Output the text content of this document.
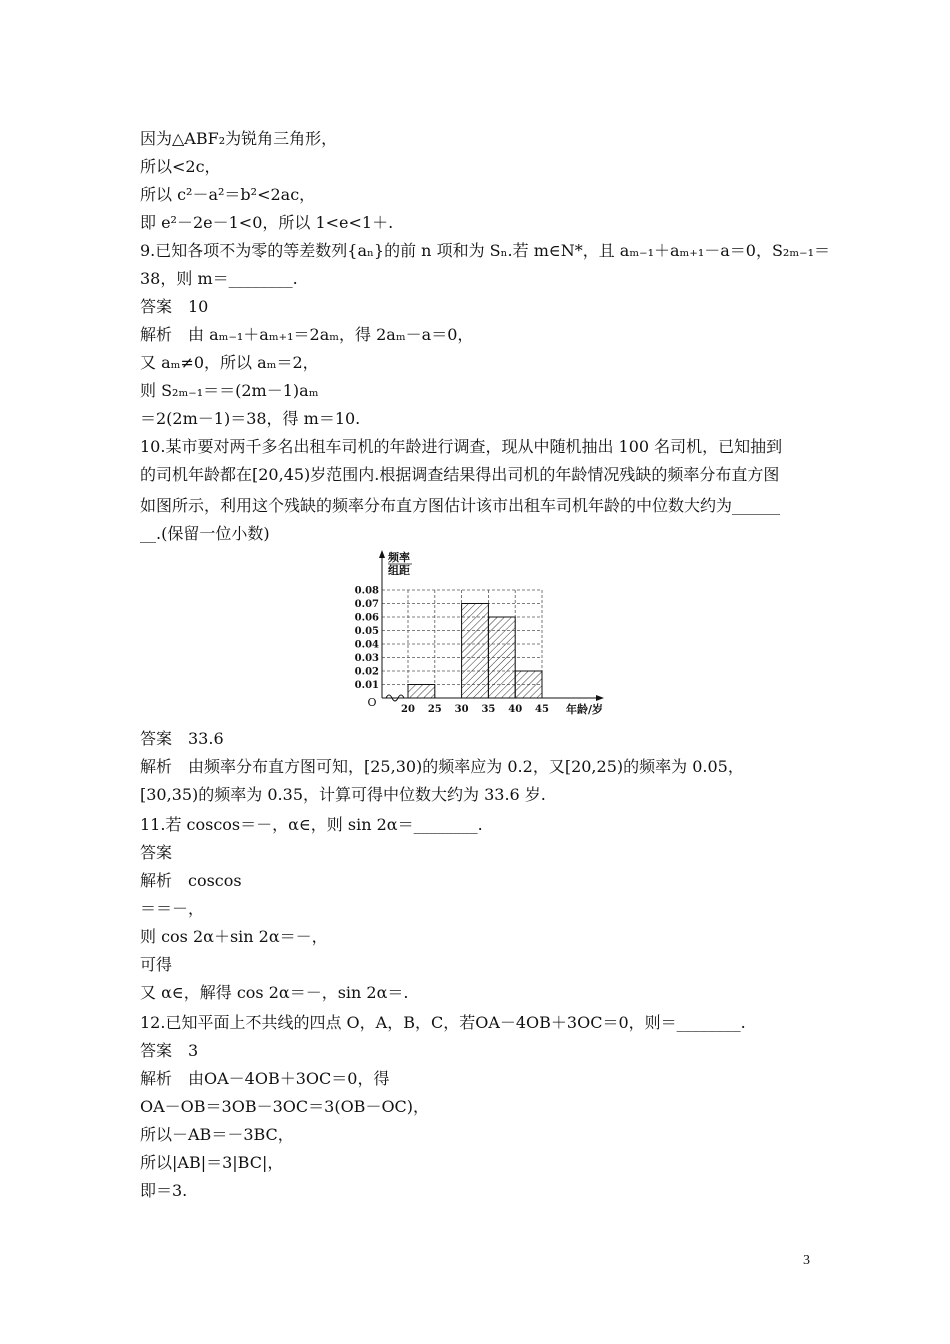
因为△ABF₂为锐角三角形，
所以<2c，
所以 c²－a²＝b²<2ac，
即 e²－2e－1<0，所以 1<e<1＋.
9.已知各项不为零的等差数列{aₙ}的前 n 项和为 Sₙ.若 m∈N*，且 aₘ₋₁＋aₘ₊₁－a＝0，S₂ₘ₋₁＝
38，则 m＝________.
答案　10
解析　由 aₘ₋₁＋aₘ₊₁＝2aₘ，得 2aₘ－a＝0，
又 aₘ≠0，所以 aₘ＝2，
则 S₂ₘ₋₁＝＝(2m－1)aₘ
＝2(2m－1)＝38，得 m＝10.
10.某市要对两千多名出租车司机的年龄进行调查，现从中随机抽出 100 名司机，已知抽到
的司机年龄都在[20,45)岁范围内.根据调查结果得出司机的年龄情况残缺的频率分布直方图
如图所示，利用这个残缺的频率分布直方图估计该市出租车司机年龄的中位数大约为______
__.(保留一位小数)
答案　33.6
解析　由频率分布直方图可知，[25,30)的频率应为 0.2，又[20,25)的频率为 0.05，
[30,35)的频率为 0.35，计算可得中位数大约为 33.6 岁.
11.若 coscos＝－，α∈，则 sin 2α＝________.
答案
解析　coscos
＝＝－，
则 cos 2α＋sin 2α＝－，
可得
又 α∈，解得 cos 2α＝－，sin 2α＝.
12.已知平面上不共线的四点 O，A，B，C，若OA－4OB＋3OC＝0，则＝________.
答案　3
解析　由OA－4OB＋3OC＝0，得
OA－OB＝3OB－3OC＝3(OB－OC)，
所以－AB＝－3BC，
所以|AB|＝3|BC|，
即＝3.
0.01
0.02
0.03
0.04
0.05
0.06
0.07
0.08
20 25 30 35 40 45
O
频率
组距
年龄/岁
3
